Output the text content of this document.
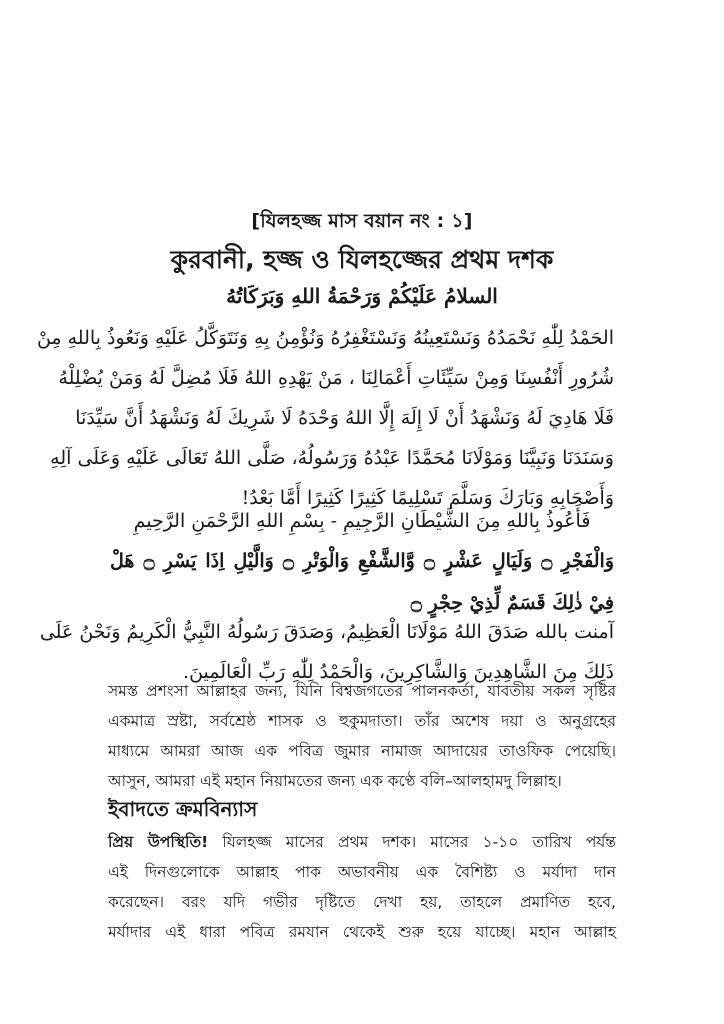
[যিলহজ্জ মাস বয়ান নং : ১]
কুরবানী, হজ্জ ও যিলহজ্জের প্রথম দশক
السلامُ عَلَيْكُمْ وَرَحْمَةُ اللهِ وَبَرَكَاتُهُ
الحَمْدُ لِلّٰهِ نَحْمَدُهُ وَنَسْتَعِينُهُ وَنَسْتَغْفِرُهُ وَنُؤْمِنُ بِهِ وَنَتَوَكَّلُ عَلَيْهِ وَنَعُوذُ بِاللهِ مِنْ
شُرُورِ أَنْفُسِنَا وَمِنْ سَيِّئَاتِ أَعْمَالِنَا ، مَنْ يَهْدِهِ اللهُ فَلَا مُضِلَّ لَهُ وَمَنْ يُضْلِلْهُ
فَلَا هَادِيَ لَهُ وَنَشْهَدُ أَنْ لَا إِلَهَ إِلَّا اللهُ وَحْدَهُ لَا شَرِيكَ لَهُ وَنَشْهَدُ أَنَّ سَيِّدَنَا
وَسَنَدَنَا وَنَبِيَّنَا وَمَوْلَانَا مُحَمَّدًا عَبْدُهُ وَرَسُولُهُ، صَلَّى اللهُ تَعَالَى عَلَيْهِ وَعَلَى آلِهِ
وَأَصْحَابِهِ وَبَارَكَ وَسَلَّمَ تَسْلِيمًا كَثِيرًا كَثِيرًا أَمَّا بَعْدُ!
فَأَعُوذُ بِاللهِ مِنَ الشَّيْطَانِ الرَّجِيمِ - بِسْمِ اللهِ الرَّحْمَنِ الرَّحِيمِ
وَالْفَجْرِ ۝ وَلَيَالٍ عَشْرٍ ۝ وَّالشَّفْعِ وَالْوَتْرِ ۝ وَالَّيْلِ اِذَا يَسْرِ ۝ هَلْ
فِيْ ذٰلِكَ قَسَمٌ لِّذِيْ حِجْرٍ ۝
آمنت بالله صَدَقَ اللهُ مَوْلَانَا الْعَظِيمُ، وَصَدَقَ رَسُولُهُ النَّبِيُّ الْكَرِيمُ وَنَحْنُ عَلَى
ذَلِكَ مِنَ الشَّاهِدِينَ وَالشَّاكِرِينَ، وَالْحَمْدُ لِلّٰهِ رَبِّ الْعَالَمِينَ.
সমস্ত প্রশংসা আল্লাহর জন্য, যিনি বিশ্বজগতের পালনকর্তা, যাবতীয় সকল সৃষ্টির
একমাত্র স্রষ্টা, সর্বশ্রেষ্ঠ শাসক ও হুকুমদাতা। তাঁর অশেষ দয়া ও অনুগ্রহের
মাধ্যমে আমরা আজ এক পবিত্র জুমার নামাজ আদায়ের তাওফিক পেয়েছি।
আসুন, আমরা এই মহান নিয়ামতের জন্য এক কণ্ঠে বলি–আলহামদু লিল্লাহ।
ইবাদতে ক্রমবিন্যাস
প্রিয় উপস্থিতি! যিলহজ্জ মাসের প্রথম দশক। মাসের ১-১০ তারিখ পর্যন্ত
এই দিনগুলোকে আল্লাহ পাক অভাবনীয় এক বৈশিষ্ট্য ও মর্যাদা দান
করেছেন। বরং যদি গভীর দৃষ্টিতে দেখা হয়, তাহলে প্রমাণিত হবে,
মর্যাদার এই ধারা পবিত্র রমযান থেকেই শুরু হয়ে যাচ্ছে। মহান আল্লাহ
